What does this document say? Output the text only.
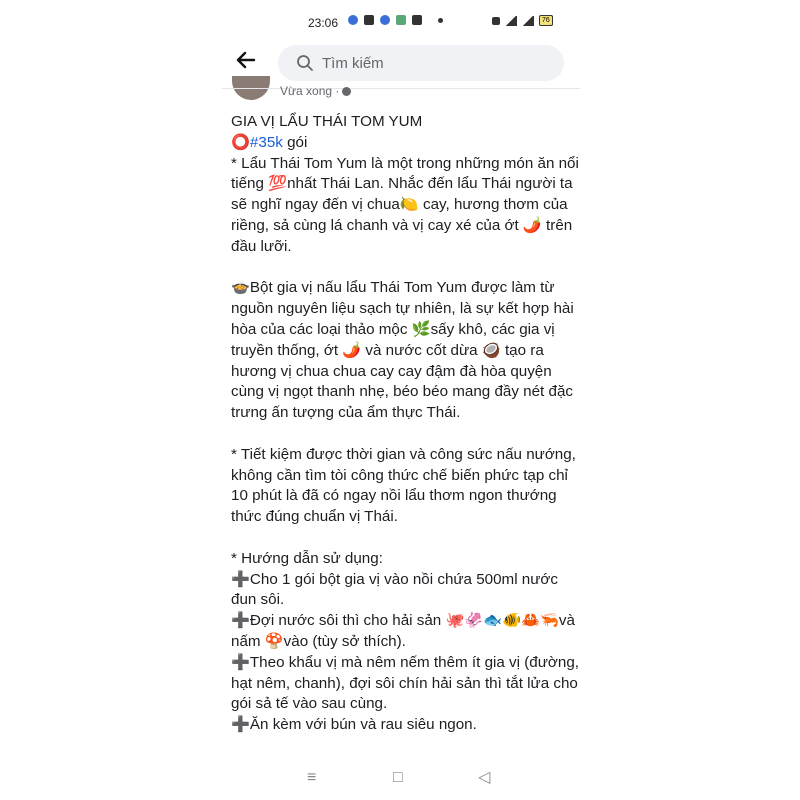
23:06	76
Tìm kiếm
Vừa xong ·

GIA VỊ LẨU THÁI TOM YUM

⭕#35k gói

* Lẩu Thái Tom Yum là một trong những món ăn nổi tiếng 💯nhất Thái Lan. Nhắc đến lẩu Thái người ta sẽ nghĩ ngay đến vị chua🍋 cay, hương thơm của riềng, sả cùng lá chanh và vị cay xé của ớt 🌶️ trên đầu lưỡi.

🍲Bột gia vị nấu lẩu Thái Tom Yum được làm từ nguồn nguyên liệu sạch tự nhiên, là sự kết hợp hài hòa của các loại thảo mộc 🌿sấy khô, các gia vị truyền thống, ớt 🌶️ và nước cốt dừa 🥥 tạo ra hương vị chua chua cay cay đậm đà hòa quyện cùng vị ngọt thanh nhẹ, béo béo mang đầy nét đặc trưng ấn tượng của ẩm thực Thái.

* Tiết kiệm được thời gian và công sức nấu nướng, không cần tìm tòi công thức chế biến phức tạp chỉ 10 phút là đã có ngay nồi lẩu thơm ngon thướng thức đúng chuẩn vị Thái.

* Hướng dẫn sử dụng:

➕Cho 1 gói bột gia vị vào nồi chứa 500ml nước đun sôi.

➕Đợi nước sôi thì cho hải sản 🐙🦑🐟🐠🦀🦐và nấm 🍄vào (tùy sở thích).

➕Theo khẩu vị mà nêm nếm thêm ít gia vị (đường, hạt nêm, chanh), đợi sôi chín hải sản thì tắt lửa cho gói sả tế vào sau cùng.

➕Ăn kèm với bún và rau siêu ngon.

≡	□	◁
